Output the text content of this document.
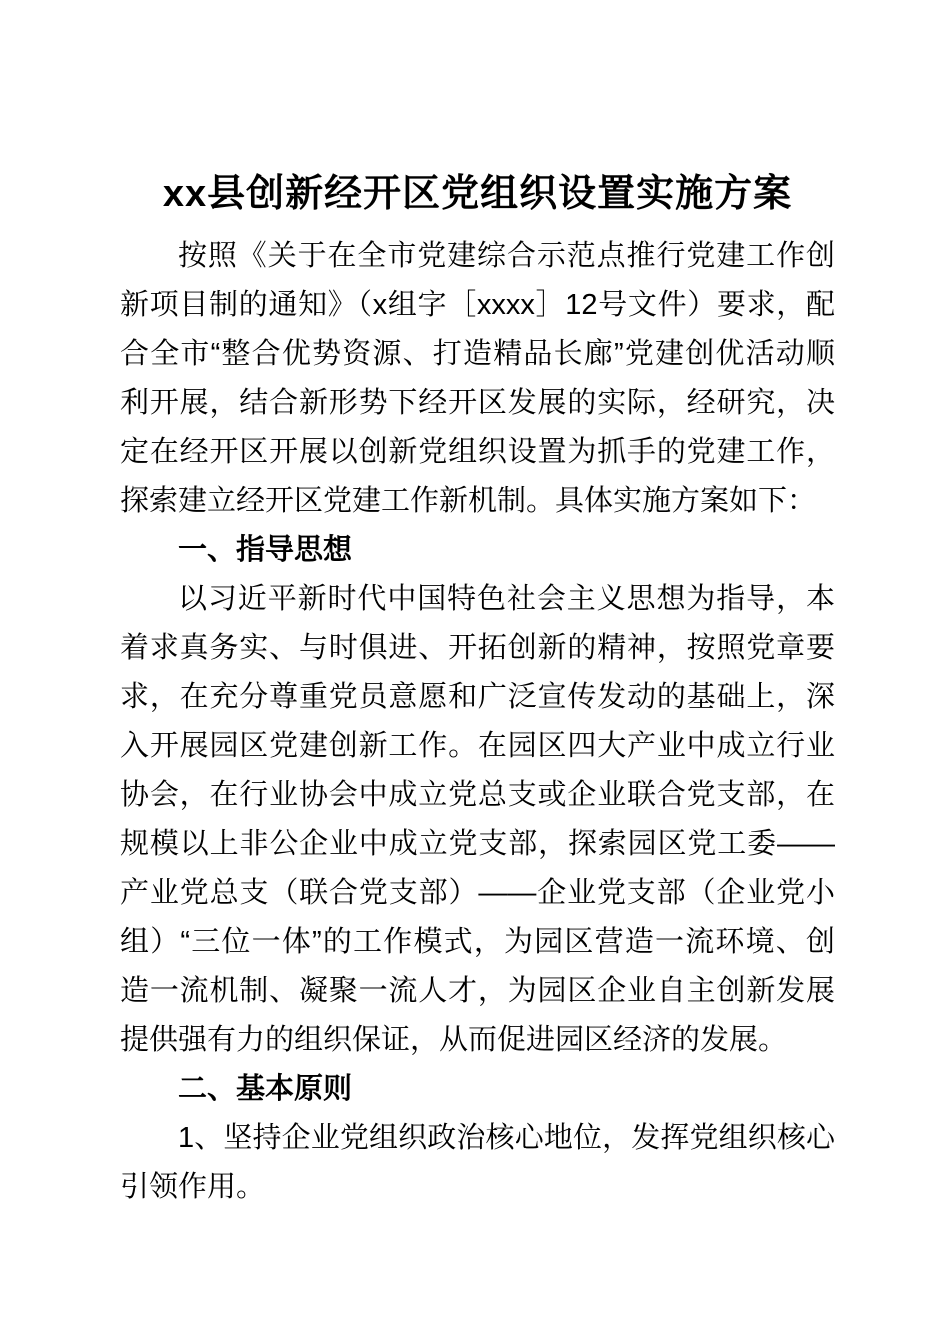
xx县创新经开区党组织设置实施方案

按照《关于在全市党建综合示范点推行党建工作创新项目制的通知》（x组字［xxxx］12号文件）要求，配合全市“整合优势资源、打造精品长廊”党建创优活动顺利开展，结合新形势下经开区发展的实际，经研究，决定在经开区开展以创新党组织设置为抓手的党建工作，探索建立经开区党建工作新机制。具体实施方案如下：

一、指导思想

以习近平新时代中国特色社会主义思想为指导，本着求真务实、与时俱进、开拓创新的精神，按照党章要求，在充分尊重党员意愿和广泛宣传发动的基础上，深入开展园区党建创新工作。在园区四大产业中成立行业协会，在行业协会中成立党总支或企业联合党支部，在规模以上非公企业中成立党支部，探索园区党工委——产业党总支（联合党支部）——企业党支部（企业党小组）“三位一体”的工作模式，为园区营造一流环境、创造一流机制、凝聚一流人才，为园区企业自主创新发展提供强有力的组织保证，从而促进园区经济的发展。

二、基本原则

1、坚持企业党组织政治核心地位，发挥党组织核心引领作用。
